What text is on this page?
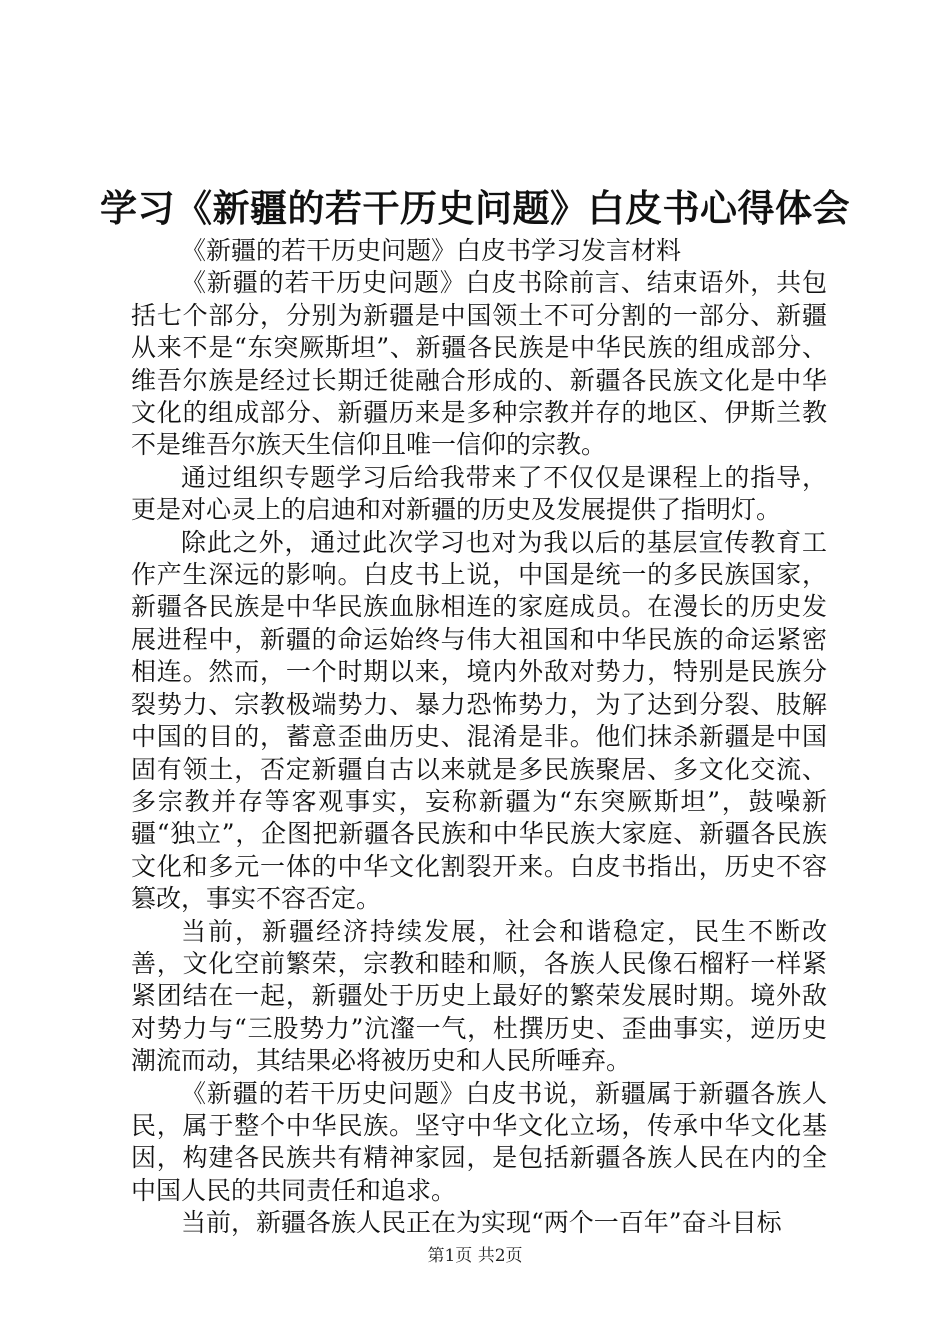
学习《新疆的若干历史问题》白皮书心得体会

《新疆的若干历史问题》白皮书学习发言材料

《新疆的若干历史问题》白皮书除前言、结束语外，共包括七个部分，分别为新疆是中国领土不可分割的一部分、新疆从来不是“东突厥斯坦”、新疆各民族是中华民族的组成部分、维吾尔族是经过长期迁徙融合形成的、新疆各民族文化是中华文化的组成部分、新疆历来是多种宗教并存的地区、伊斯兰教不是维吾尔族天生信仰且唯一信仰的宗教。

通过组织专题学习后给我带来了不仅仅是课程上的指导，更是对心灵上的启迪和对新疆的历史及发展提供了指明灯。

除此之外，通过此次学习也对为我以后的基层宣传教育工作产生深远的影响。白皮书上说，中国是统一的多民族国家，新疆各民族是中华民族血脉相连的家庭成员。在漫长的历史发展进程中，新疆的命运始终与伟大祖国和中华民族的命运紧密相连。然而，一个时期以来，境内外敌对势力，特别是民族分裂势力、宗教极端势力、暴力恐怖势力，为了达到分裂、肢解中国的目的，蓄意歪曲历史、混淆是非。他们抹杀新疆是中国固有领土，否定新疆自古以来就是多民族聚居、多文化交流、多宗教并存等客观事实，妄称新疆为“东突厥斯坦”，鼓噪新疆“独立”，企图把新疆各民族和中华民族大家庭、新疆各民族文化和多元一体的中华文化割裂开来。白皮书指出，历史不容篡改，事实不容否定。

当前，新疆经济持续发展，社会和谐稳定，民生不断改善，文化空前繁荣，宗教和睦和顺，各族人民像石榴籽一样紧紧团结在一起，新疆处于历史上最好的繁荣发展时期。境外敌对势力与“三股势力”沆瀣一气，杜撰历史、歪曲事实，逆历史潮流而动，其结果必将被历史和人民所唾弃。

《新疆的若干历史问题》白皮书说，新疆属于新疆各族人民，属于整个中华民族。坚守中华文化立场，传承中华文化基因，构建各民族共有精神家园，是包括新疆各族人民在内的全中国人民的共同责任和追求。

当前，新疆各族人民正在为实现“两个一百年”奋斗目标

第1页 共2页
